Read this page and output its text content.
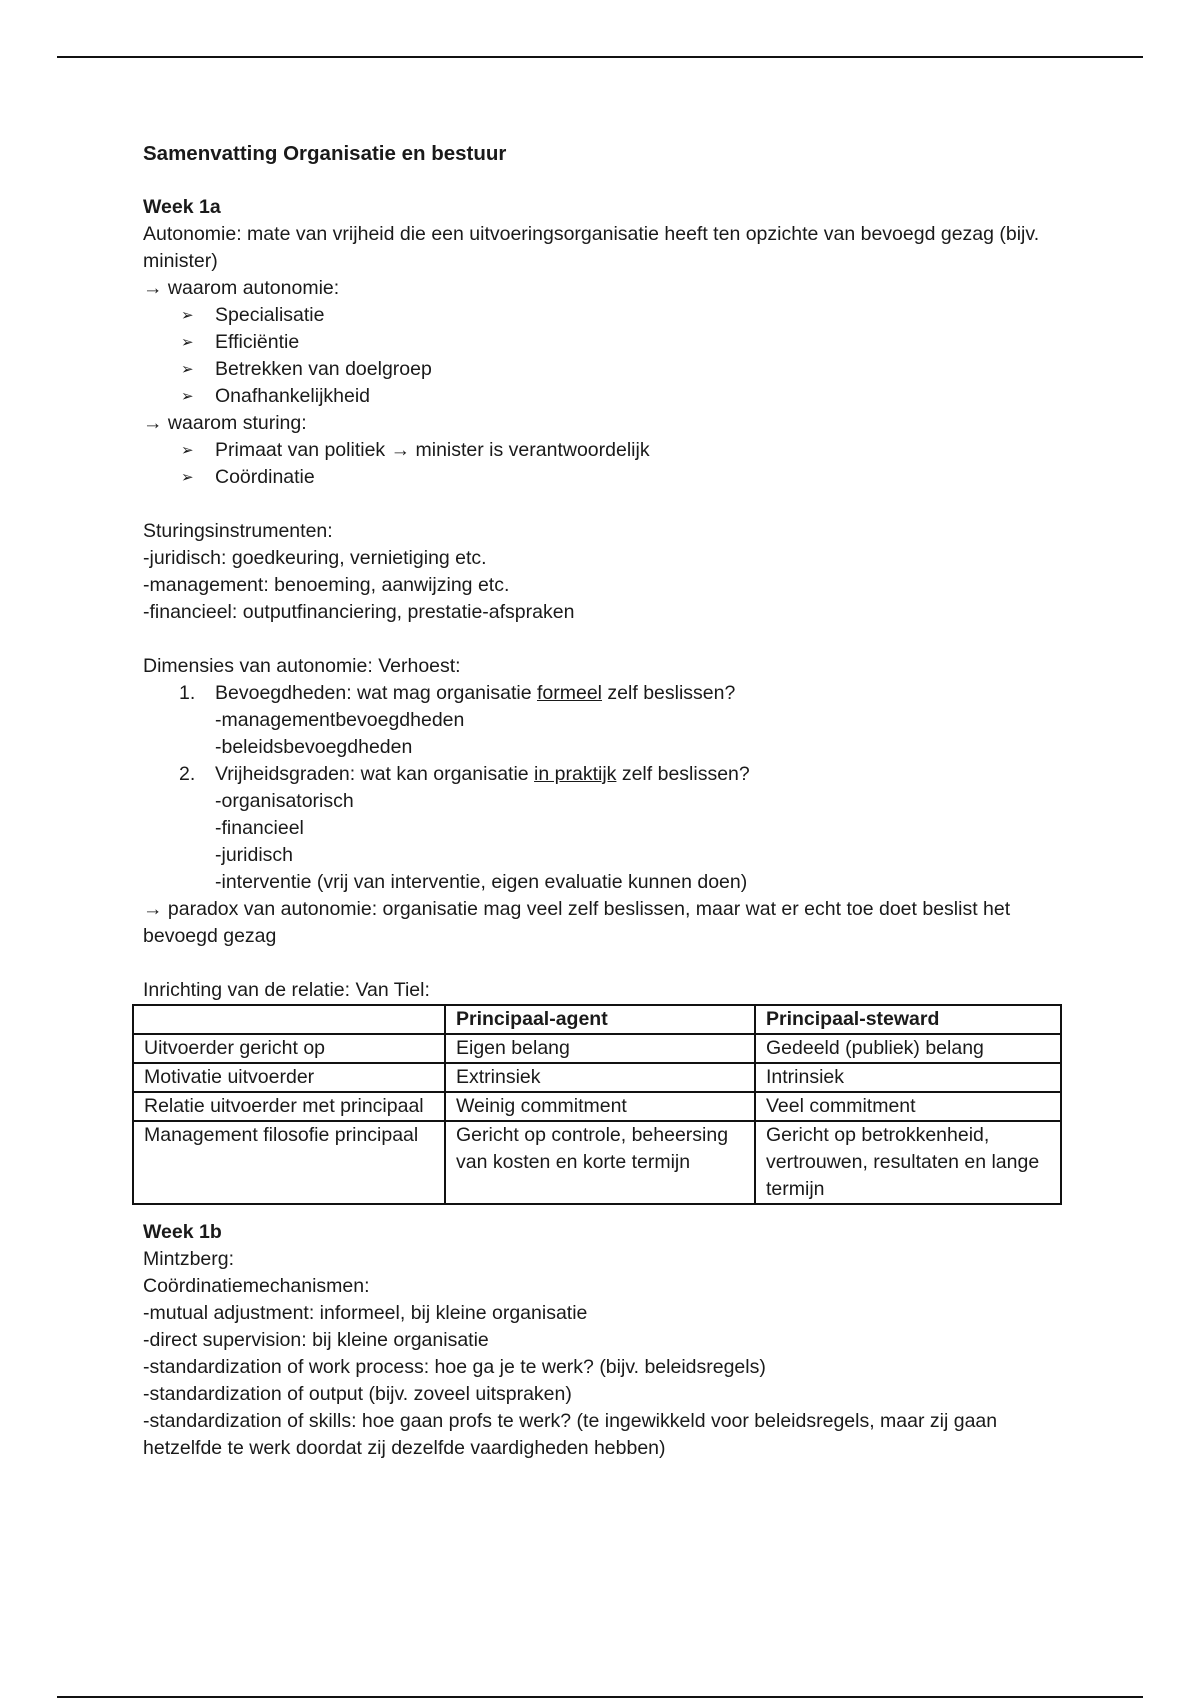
Samenvatting Organisatie en bestuur

Week 1a

Autonomie: mate van vrijheid die een uitvoeringsorganisatie heeft ten opzichte van bevoegd gezag (bijv. minister)

→ waarom autonomie:

➢ Specialisatie
➢ Efficiëntie
➢ Betrekken van doelgroep
➢ Onafhankelijkheid

→ waarom sturing:

➢ Primaat van politiek → minister is verantwoordelijk
➢ Coördinatie

Sturingsinstrumenten:

-juridisch: goedkeuring, vernietiging etc.

-management: benoeming, aanwijzing etc.

-financieel: outputfinanciering, prestatie-afspraken

Dimensies van autonomie: Verhoest:

1. Bevoegdheden: wat mag organisatie formeel zelf beslissen?
-managementbevoegdheden
-beleidsbevoegdheden
2. Vrijheidsgraden: wat kan organisatie in praktijk zelf beslissen?
-organisatorisch
-financieel
-juridisch
-interventie (vrij van interventie, eigen evaluatie kunnen doen)

→ paradox van autonomie: organisatie mag veel zelf beslissen, maar wat er echt toe doet beslist het bevoegd gezag

Inrichting van de relatie: Van Tiel:

	Principaal-agent	Principaal-steward
Uitvoerder gericht op	Eigen belang	Gedeeld (publiek) belang
Motivatie uitvoerder	Extrinsiek	Intrinsiek
Relatie uitvoerder met principaal	Weinig commitment	Veel commitment
Management filosofie principaal	Gericht op controle, beheersing van kosten en korte termijn	Gericht op betrokkenheid, vertrouwen, resultaten en lange termijn

Week 1b

Mintzberg:

Coördinatiemechanismen:

-mutual adjustment: informeel, bij kleine organisatie

-direct supervision: bij kleine organisatie

-standardization of work process: hoe ga je te werk? (bijv. beleidsregels)

-standardization of output (bijv. zoveel uitspraken)

-standardization of skills: hoe gaan profs te werk? (te ingewikkeld voor beleidsregels, maar zij gaan hetzelfde te werk doordat zij dezelfde vaardigheden hebben)
